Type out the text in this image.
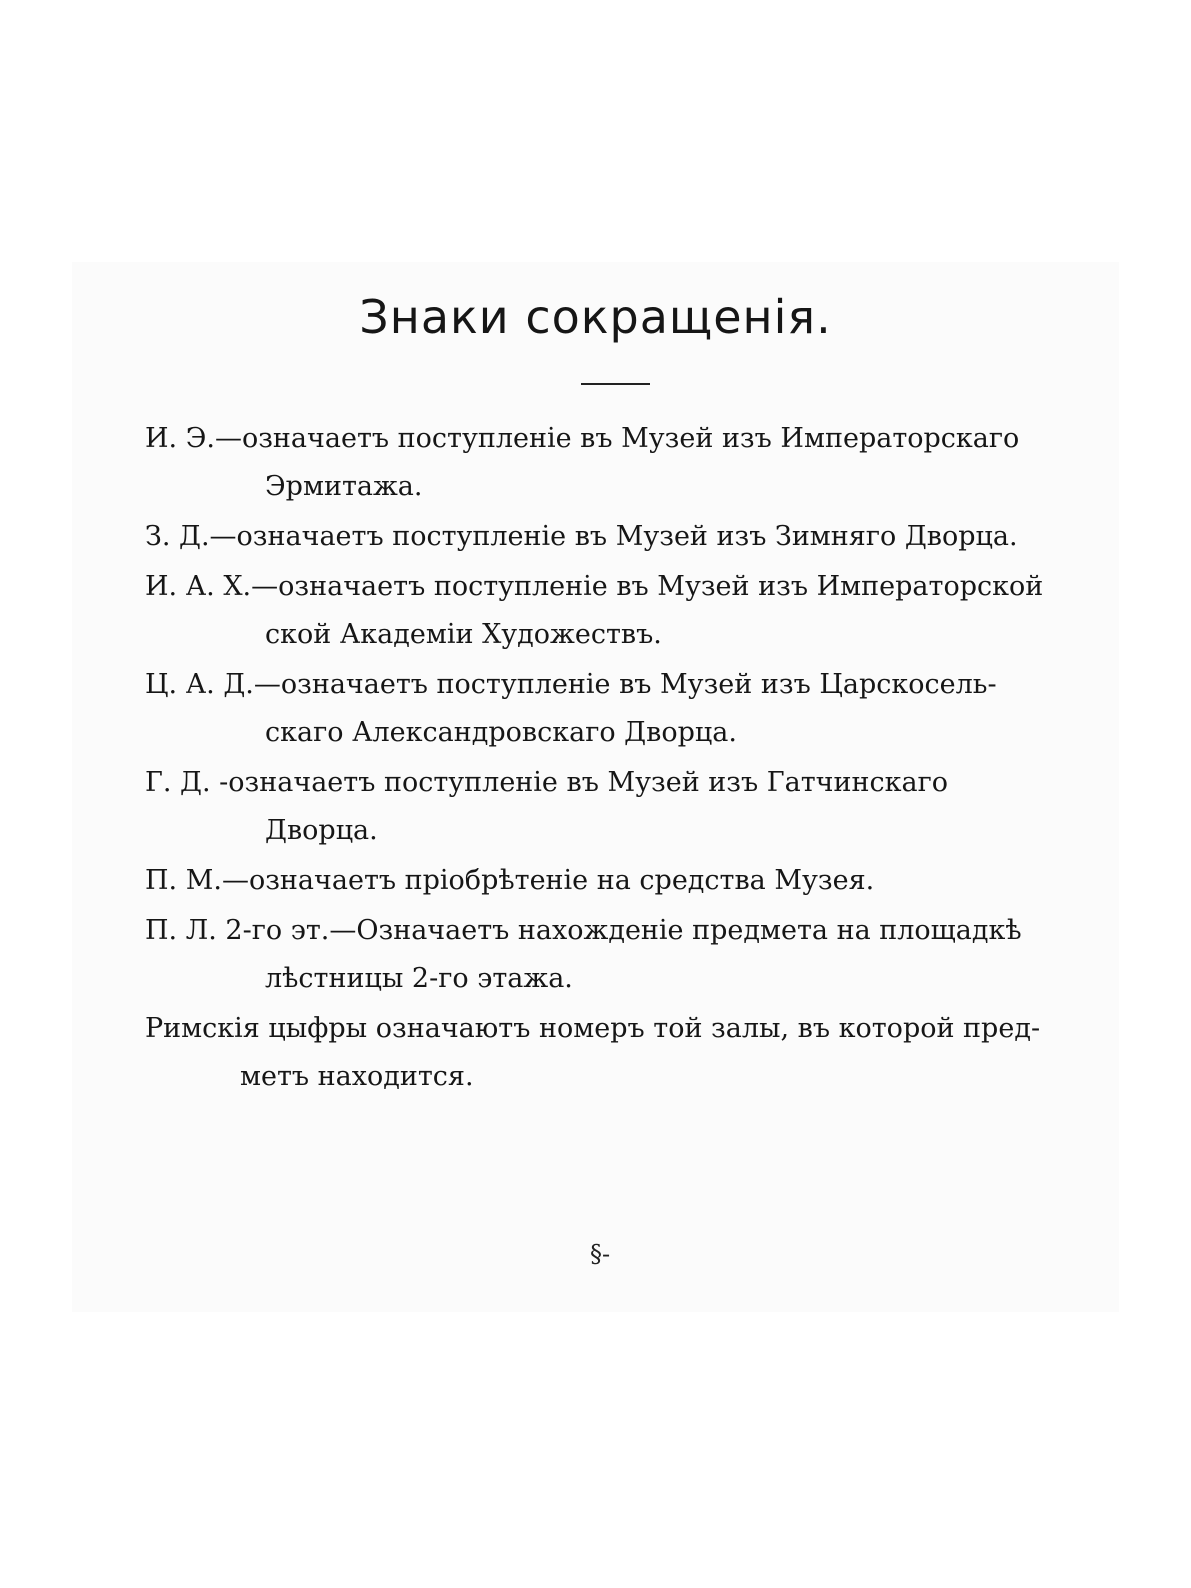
Знаки сокращенія.

И. Э.—означаетъ поступленіе въ Музей изъ Императорскаго
Эрмитажа.

З. Д.—означаетъ поступленіе въ Музей изъ Зимняго Дворца.

И. А. Х.—означаетъ поступленіе въ Музей изъ Императорской
ской Академіи Художествъ.

Ц. А. Д.—означаетъ поступленіе въ Музей изъ Царскосель-
скаго Александровскаго Дворца.

Г. Д. -означаетъ поступленіе въ Музей изъ Гатчинскаго
Дворца.

П. М.—означаетъ пріобрѣтеніе на средства Музея.

П. Л. 2-го эт.—Означаетъ нахожденіе предмета на площадкѣ
лѣстницы 2-го этажа.

Римскія цыфры означаютъ номеръ той залы, въ которой пред-
метъ находится.

§-
